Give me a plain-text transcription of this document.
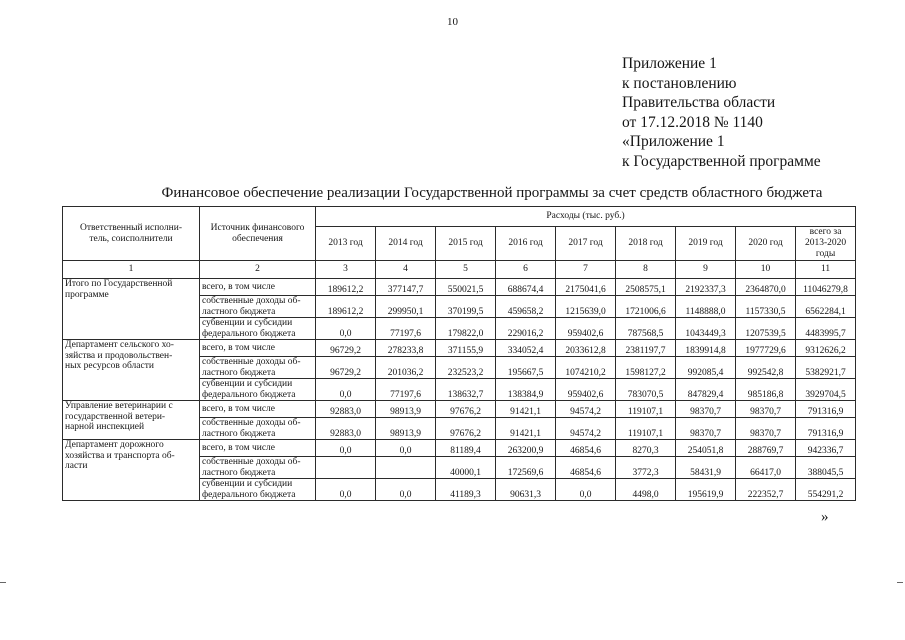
10
Приложение 1
к постановлению
Правительства области
от 17.12.2018 № 1140
«Приложение 1
к Государственной программе
Финансовое обеспечение реализации Государственной программы за счет средств областного бюджета
Ответственный исполни-
тель, соисполнители	Источник финансового
обеспечения	Расходы (тыс. руб.)								
		2013 год	2014 год	2015 год	2016 год	2017 год	2018 год	2019 год	2020 год	всего за
2013-2020
годы
1	2	3	4	5	6	7	8	9	10	11
Итого по Государственной
программе	всего, в том числе	189612,2	377147,7	550021,5	688674,4	2175041,6	2508575,1	2192337,3	2364870,0	11046279,8
	собственные доходы об-
ластного бюджета	189612,2	299950,1	370199,5	459658,2	1215639,0	1721006,6	1148888,0	1157330,5	6562284,1
	субвенции и субсидии
федерального бюджета	0,0	77197,6	179822,0	229016,2	959402,6	787568,5	1043449,3	1207539,5	4483995,7
Департамент сельского хо-
зяйства и продовольствен-
ных ресурсов области	всего, в том числе	96729,2	278233,8	371155,9	334052,4	2033612,8	2381197,7	1839914,8	1977729,6	9312626,2
	собственные доходы об-
ластного бюджета	96729,2	201036,2	232523,2	195667,5	1074210,2	1598127,2	992085,4	992542,8	5382921,7
	субвенции и субсидии
федерального бюджета	0,0	77197,6	138632,7	138384,9	959402,6	783070,5	847829,4	985186,8	3929704,5
Управление ветеринарии с
государственной ветери-
нарной инспекцией	всего, в том числе	92883,0	98913,9	97676,2	91421,1	94574,2	119107,1	98370,7	98370,7	791316,9
	собственные доходы об-
ластного бюджета	92883,0	98913,9	97676,2	91421,1	94574,2	119107,1	98370,7	98370,7	791316,9
Департамент дорожного
хозяйства и транспорта об-
ласти	всего, в том числе	0,0	0,0	81189,4	263200,9	46854,6	8270,3	254051,8	288769,7	942336,7
	собственные доходы об-
ластного бюджета			40000,1	172569,6	46854,6	3772,3	58431,9	66417,0	388045,5
	субвенции и субсидии
федерального бюджета	0,0	0,0	41189,3	90631,3	0,0	4498,0	195619,9	222352,7	554291,2
»
